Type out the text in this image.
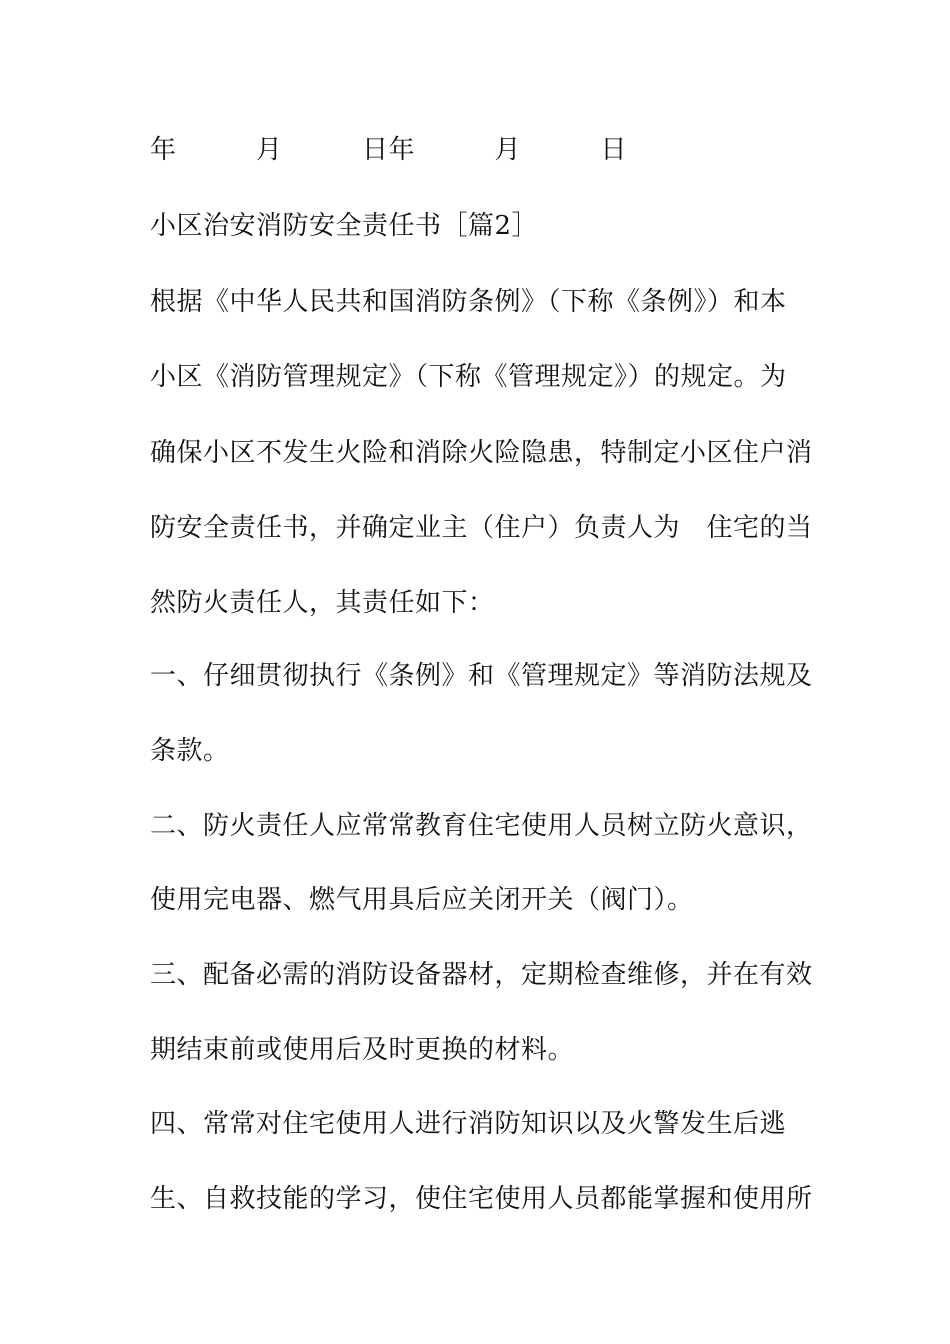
年　　　月　　　日年　　　月　　　日
小区治安消防安全责任书［篇2］
根据《中华人民共和国消防条例》（下称《条例》）和本
小区《消防管理规定》（下称《管理规定》）的规定。为
确保小区不发生火险和消除火险隐患，特制定小区住户消
防安全责任书，并确定业主（住户）负责人为　住宅的当
然防火责任人，其责任如下：
一、仔细贯彻执行《条例》和《管理规定》等消防法规及
条款。
二、防火责任人应常常教育住宅使用人员树立防火意识，
使用完电器、燃气用具后应关闭开关（阀门）。
三、配备必需的消防设备器材，定期检查维修，并在有效
期结束前或使用后及时更换的材料。
四、常常对住宅使用人进行消防知识以及火警发生后逃
生、自救技能的学习，使住宅使用人员都能掌握和使用所
